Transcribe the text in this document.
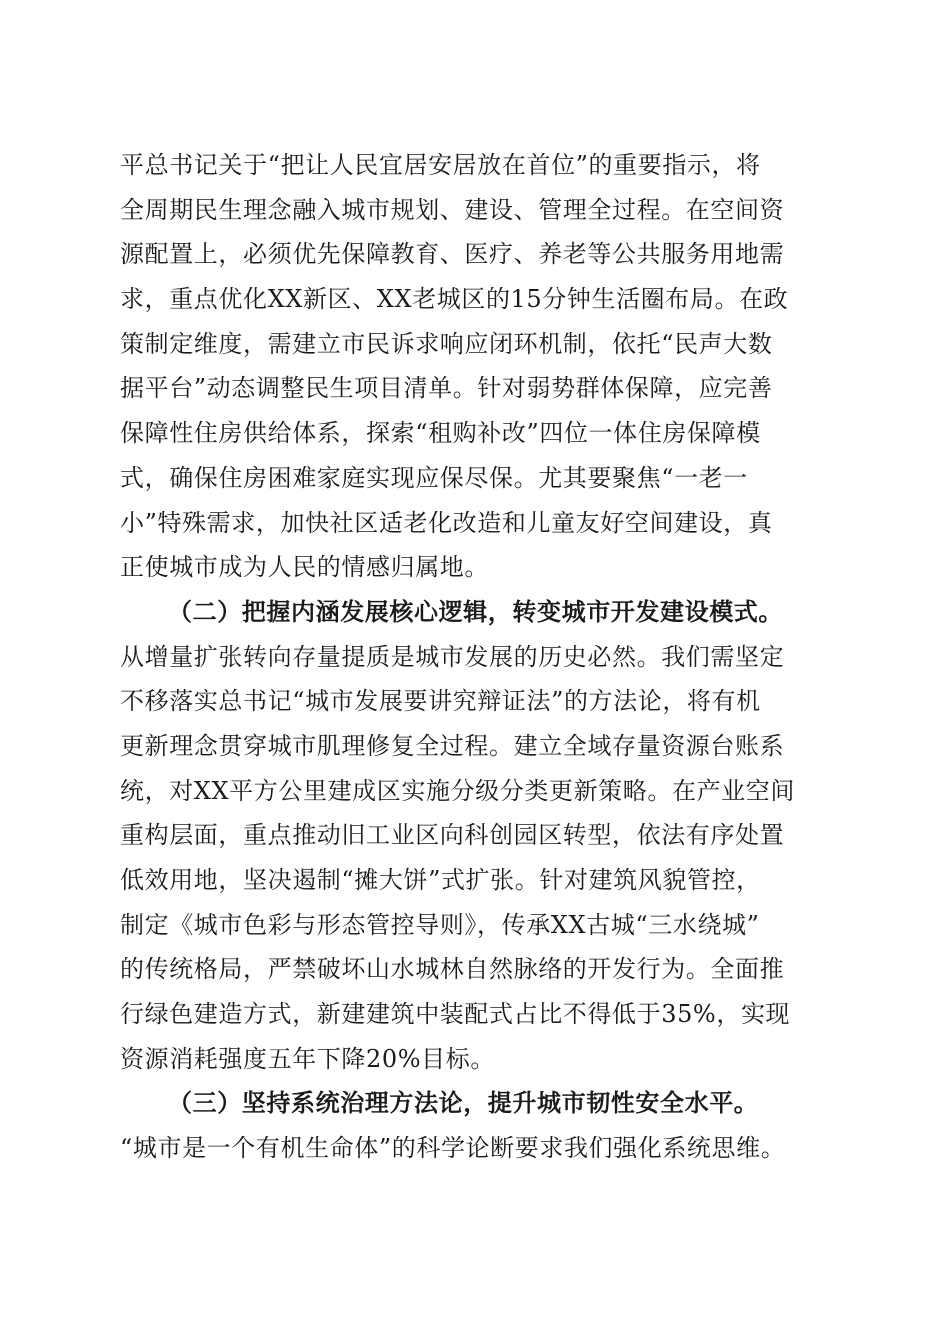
平总书记关于“把让人民宜居安居放在首位”的重要指示，将
全周期民生理念融入城市规划、建设、管理全过程。在空间资
源配置上，必须优先保障教育、医疗、养老等公共服务用地需
求，重点优化XX新区、XX老城区的15分钟生活圈布局。在政
策制定维度，需建立市民诉求响应闭环机制，依托“民声大数
据平台”动态调整民生项目清单。针对弱势群体保障，应完善
保障性住房供给体系，探索“租购补改”四位一体住房保障模
式，确保住房困难家庭实现应保尽保。尤其要聚焦“一老一
小”特殊需求，加快社区适老化改造和儿童友好空间建设，真
正使城市成为人民的情感归属地。
（二）把握内涵发展核心逻辑，转变城市开发建设模式。
从增量扩张转向存量提质是城市发展的历史必然。我们需坚定
不移落实总书记“城市发展要讲究辩证法”的方法论，将有机
更新理念贯穿城市肌理修复全过程。建立全域存量资源台账系
统，对XX平方公里建成区实施分级分类更新策略。在产业空间
重构层面，重点推动旧工业区向科创园区转型，依法有序处置
低效用地，坚决遏制“摊大饼”式扩张。针对建筑风貌管控，
制定《城市色彩与形态管控导则》，传承XX古城“三水绕城”
的传统格局，严禁破坏山水城林自然脉络的开发行为。全面推
行绿色建造方式，新建建筑中装配式占比不得低于35%，实现
资源消耗强度五年下降20%目标。
（三）坚持系统治理方法论，提升城市韧性安全水平。
“城市是一个有机生命体”的科学论断要求我们强化系统思维。
